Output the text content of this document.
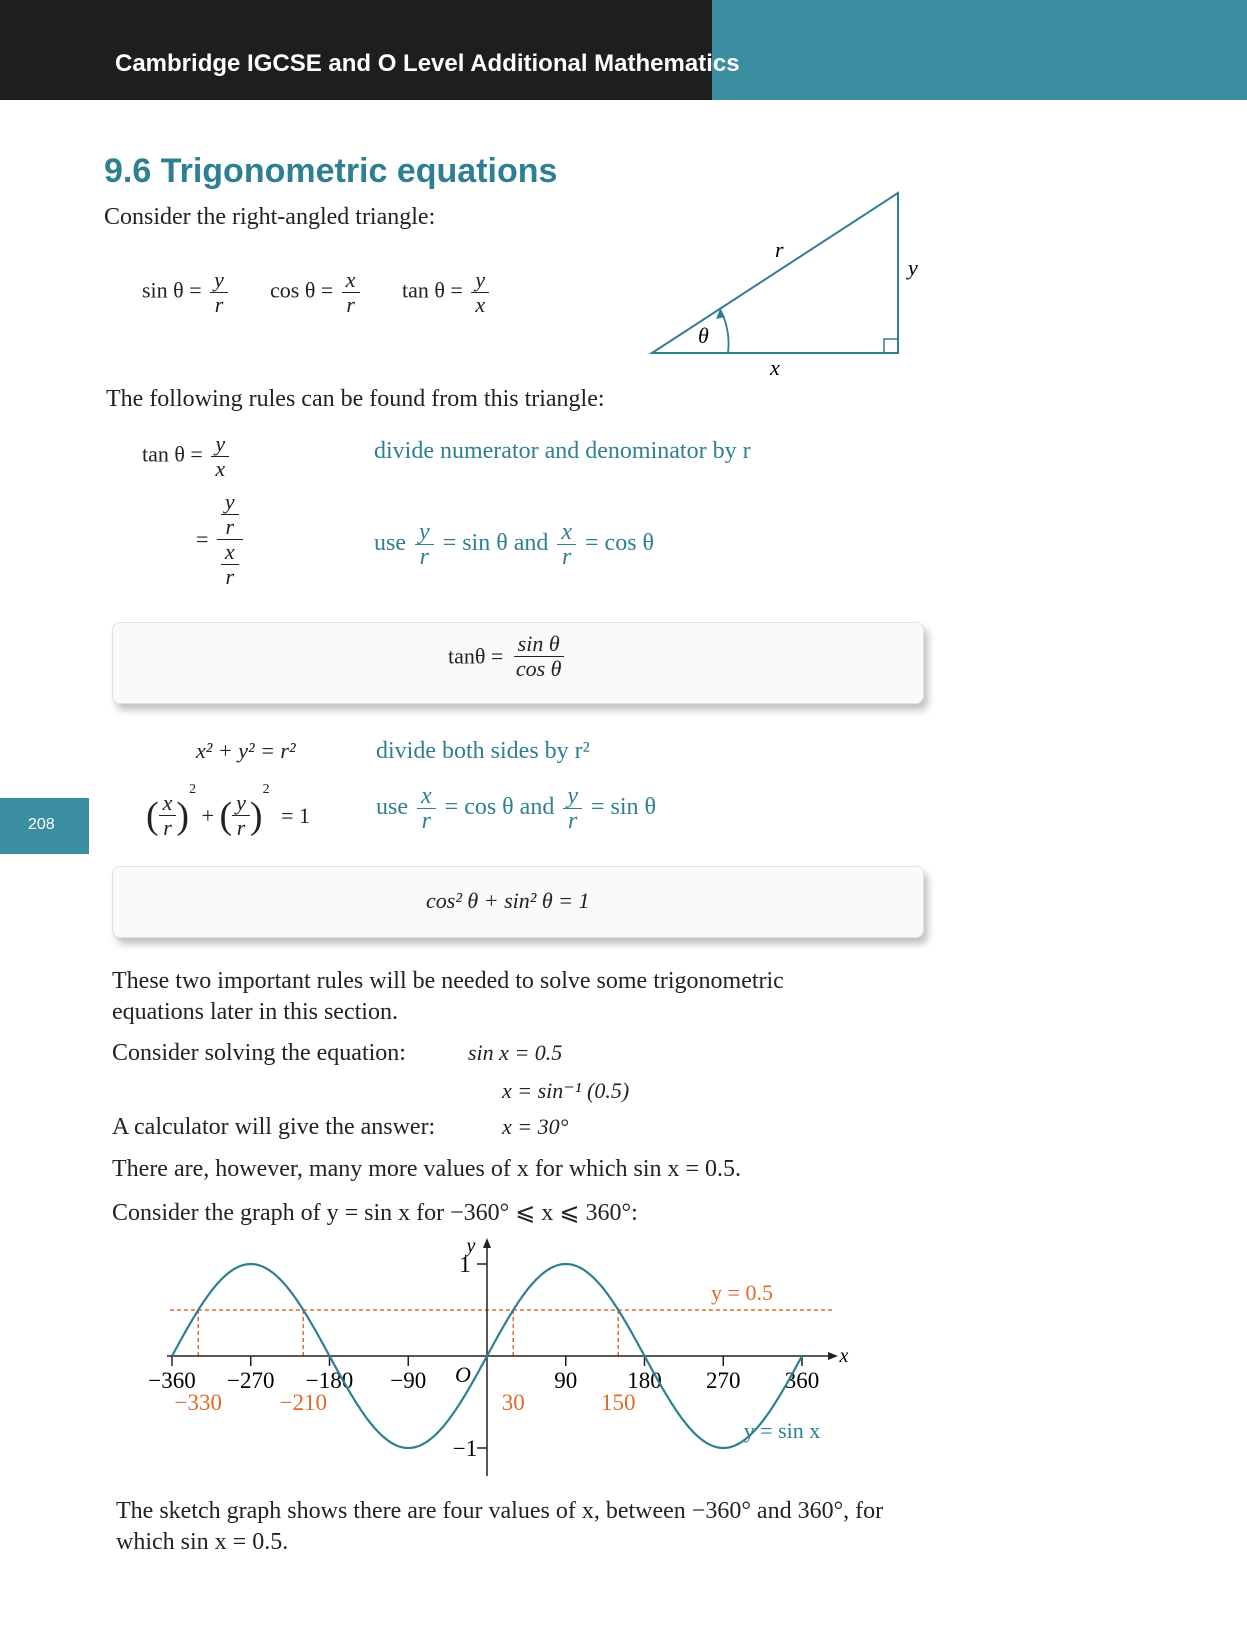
Cambridge IGCSE and O Level Additional Mathematics
9.6 Trigonometric equations
Consider the right-angled triangle:
$\sin \theta = \frac{y}{r}$ $\cos \theta = \frac{x}{r}$ $\tan \theta = \frac{y}{x}$
r
y
x
θ
The following rules can be found from this triangle:
$\tan \theta = \frac{y}{x}$	divide numerator and denominator by r
= $\frac{\frac{y}{r}}{\frac{x}{r}}$	use $\frac{y}{r} = \sin \theta$ and $\frac{x}{r} = \cos \theta$
$\tan\theta = \frac{\text{sin θ}}{\text{cos θ}}$
x² + y² = r²	divide both sides by r²
( $\frac{x}{r} )^2$ + ( $\frac{y}{r} )^2 = 1$	use $\frac{x}{r} = \cos \theta$ and $\frac{y}{r} = \sin \theta$
208
cos² θ + sin² θ = 1
These two important rules will be needed to solve some trigonometric equations later in this section.
Consider solving the equation:	sin x = 0.5
x = sin⁻¹ (0.5)
A calculator will give the answer:	x = 30°
There are, however, many more values of x for which sin x = 0.5.
Consider the graph of y = sin x for −360° ⩽ x ⩽ 360°:
y = 0.5
x
y
−360 −270 −180 −90	90 180 270 360
1
−1
O
y = sin x
−330	−210	30	150
The sketch graph shows there are four values of x, between −360° and 360°, for which sin x = 0.5.
